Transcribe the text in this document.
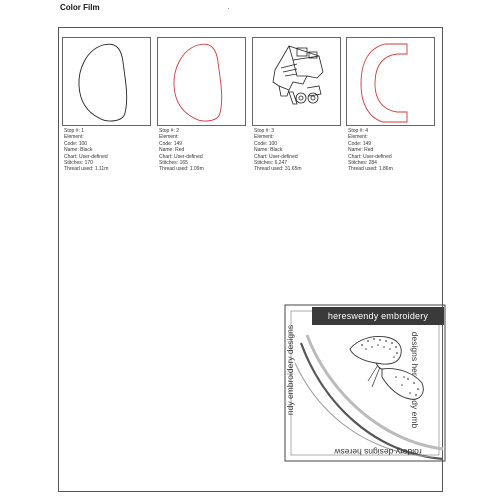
Color Film
Stop #: 1
Element:
Code: 100
Name: Black
Chart: User-defined
Stitches: 170
Thread used: 1.11m
Stop #: 2
Element:
Code: 149
Name: Red
Chart: User-defined
Stitches: 165
Thread used: 1.09m
Stop #: 3
Element:
Code: 100
Name: Black
Chart: User-defined
Stitches: 6,247
Thread used: 31.65m
Stop #: 4
Element:
Code: 149
Name: Red
Chart: User-defined
Stitches: 284
Thread used: 1.86m
hereswendy embroidery
ndy embroidery designs
roidery designs heresw
